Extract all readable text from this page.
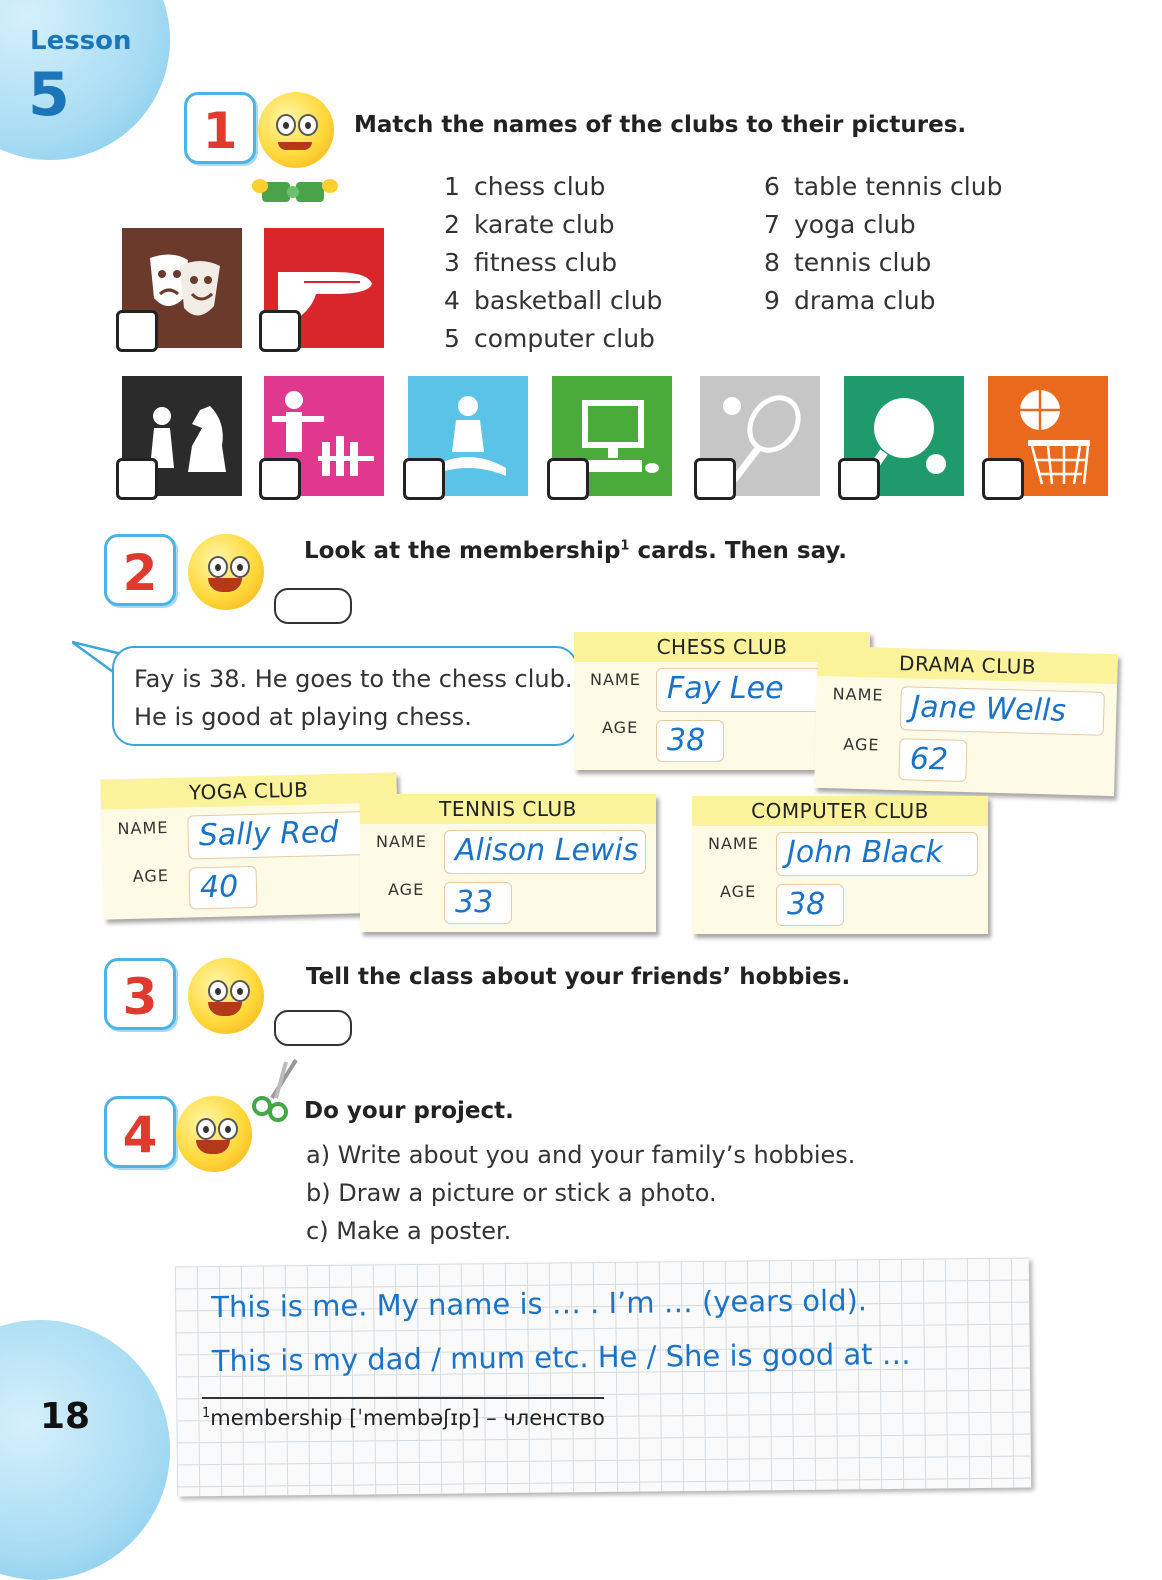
Lesson
5
1	Match the names of the clubs to their pictures.
1 chess club
2 karate club
3 fitness club
4 basketball club
5 computer club
6 table tennis club
7 yoga club
8 tennis club
9 drama club
2	Look at the membership$^1$ cards. Then say.
Fay is 38. He goes to the chess club.
He is good at playing chess.
CHESS CLUB
NAME Fay Lee
AGE 38
DRAMA CLUB
NAME Jane Wells
AGE 62
YOGA CLUB
NAME Sally Red
AGE	40
TENNIS CLUB
NAME Alison Lewis
AGE	33
COMPUTER CLUB
NAME John Black
AGE	38
3	Tell the class about your friends’ hobbies.
4	Do your project.
a) Write about you and your family’s hobbies.
b) Draw a picture or stick a photo.
c) Make a poster.
This is me. My name is … . I’m … (years old).
This is my dad / mum etc. He / She is good at …
$^1$membership [ˈmembəʃɪp] – членство
18
